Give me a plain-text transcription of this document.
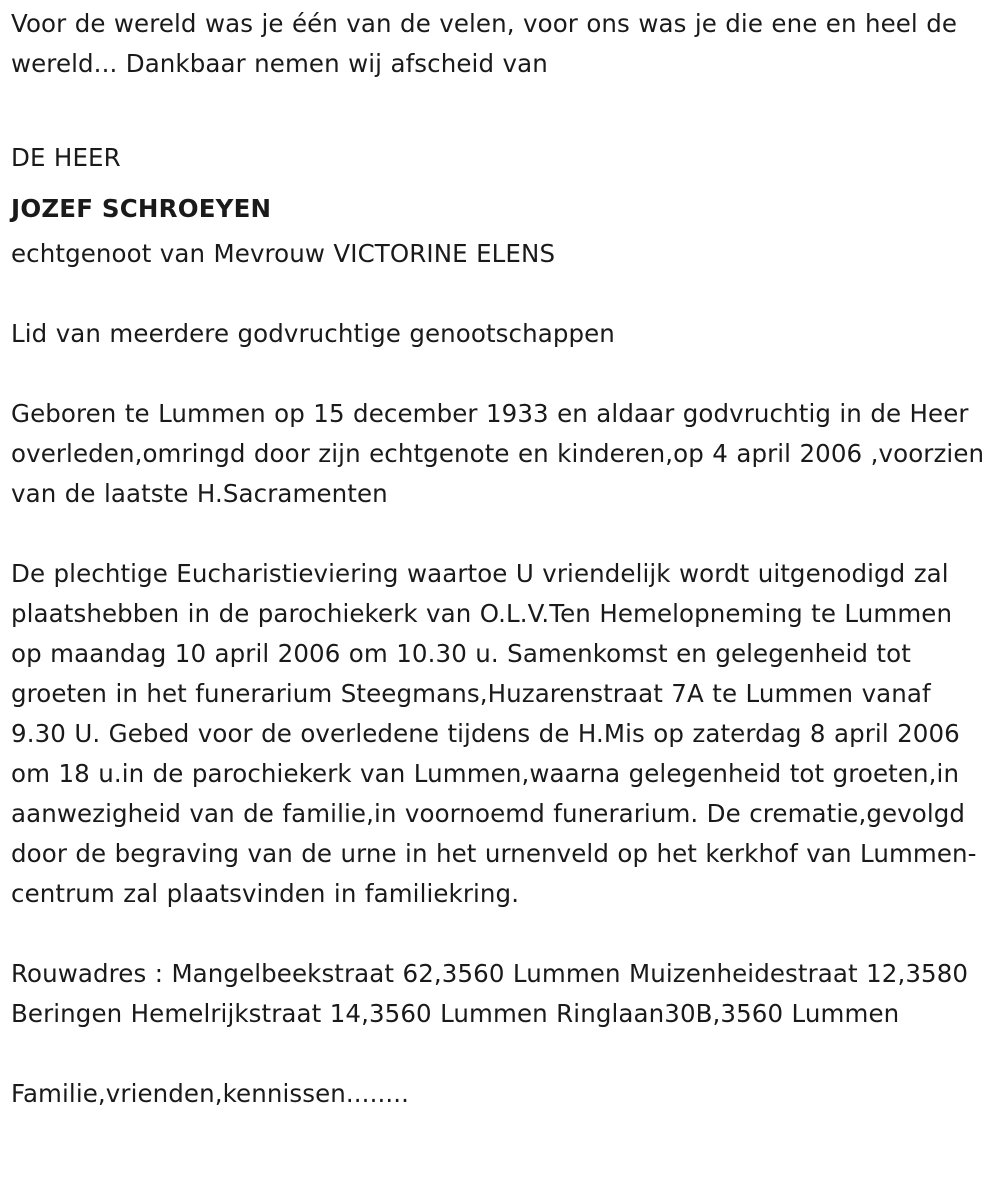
Voor de wereld was je één van de velen, voor ons was je die ene en heel de wereld... Dankbaar nemen wij afscheid van

DE HEER

JOZEF SCHROEYEN

echtgenoot van Mevrouw VICTORINE ELENS

Lid van meerdere godvruchtige genootschappen

Geboren te Lummen op 15 december 1933 en aldaar godvruchtig in de Heer overleden,omringd door zijn echtgenote en kinderen,op 4 april 2006 ,voorzien van de laatste H.Sacramenten

De plechtige Eucharistieviering waartoe U vriendelijk wordt uitgenodigd zal plaatshebben in de parochiekerk van O.L.V.Ten Hemelopneming te Lummen op maandag 10 april 2006 om 10.30 u. Samenkomst en gelegenheid tot groeten in het funerarium Steegmans,Huzarenstraat 7A te Lummen vanaf 9.30 U. Gebed voor de overledene tijdens de H.Mis op zaterdag 8 april 2006 om 18 u.in de parochiekerk van Lummen,waarna gelegenheid tot groeten,in aanwezigheid van de familie,in voornoemd funerarium. De crematie,gevolgd door de begraving van de urne in het urnenveld op het kerkhof van Lummen-centrum zal plaatsvinden in familiekring.

Rouwadres : Mangelbeekstraat 62,3560 Lummen Muizenheidestraat 12,3580 Beringen Hemelrijkstraat 14,3560 Lummen Ringlaan30B,3560 Lummen

Familie,vrienden,kennissen........
